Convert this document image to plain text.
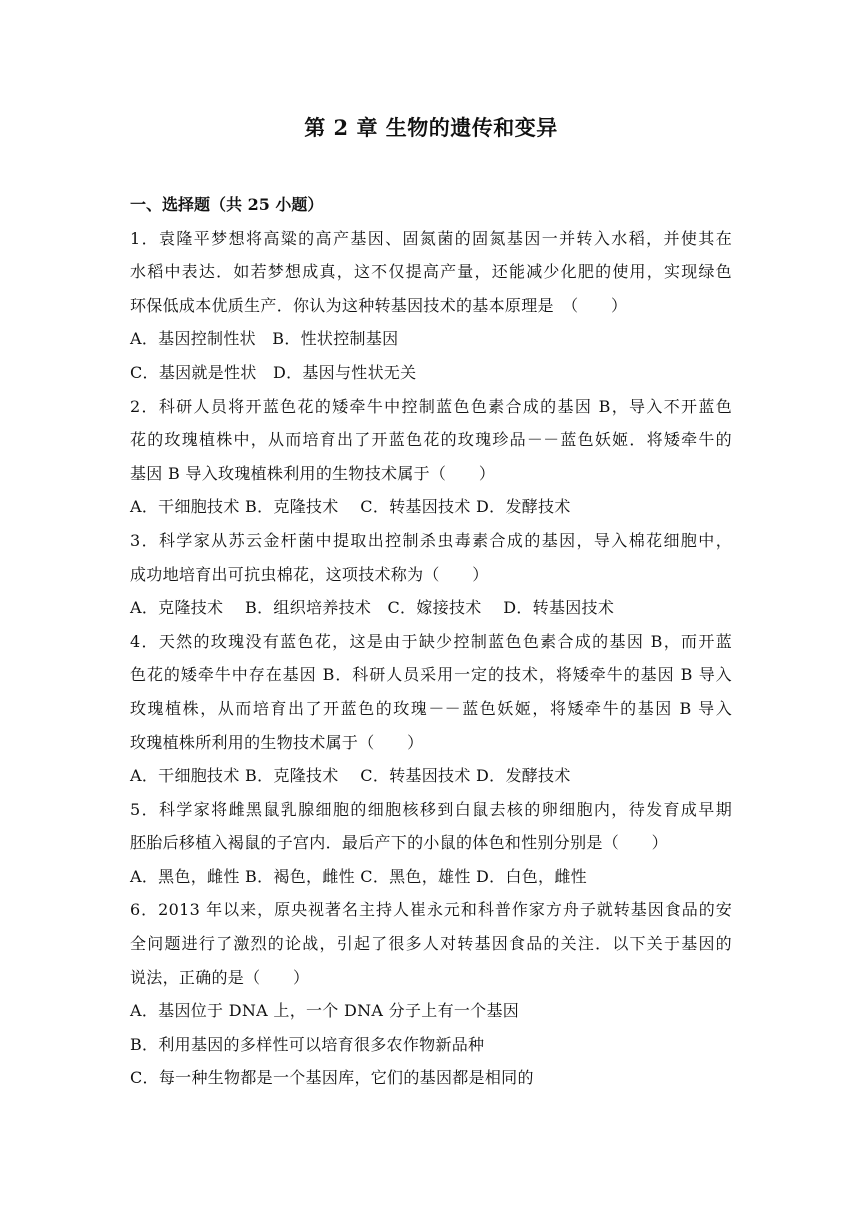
第 2 章 生物的遗传和变异
一、选择题（共 25 小题）
1．袁隆平梦想将高粱的高产基因、固氮菌的固氮基因一并转入水稻，并使其在
水稻中表达．如若梦想成真，这不仅提高产量，还能减少化肥的使用，实现绿色
环保低成本优质生产．你认为这种转基因技术的基本原理是　（　　）
A．基因控制性状　B．性状控制基因
C．基因就是性状　D．基因与性状无关
2．科研人员将开蓝色花的矮牵牛中控制蓝色色素合成的基因 B，导入不开蓝色
花的玫瑰植株中，从而培育出了开蓝色花的玫瑰珍品－－蓝色妖姬．将矮牵牛的
基因 B 导入玫瑰植株利用的生物技术属于（　　）
A．干细胞技术 B．克隆技术　 C．转基因技术 D．发酵技术
3．科学家从苏云金杆菌中提取出控制杀虫毒素合成的基因，导入棉花细胞中，
成功地培育出可抗虫棉花，这项技术称为（　　）
A．克隆技术　 B．组织培养技术　C．嫁接技术　 D．转基因技术
4．天然的玫瑰没有蓝色花，这是由于缺少控制蓝色色素合成的基因 B，而开蓝
色花的矮牵牛中存在基因 B．科研人员采用一定的技术，将矮牵牛的基因 B 导入
玫瑰植株，从而培育出了开蓝色的玫瑰－－蓝色妖姬，将矮牵牛的基因 B 导入
玫瑰植株所利用的生物技术属于（　　）
A．干细胞技术 B．克隆技术　 C．转基因技术 D．发酵技术
5．科学家将雌黑鼠乳腺细胞的细胞核移到白鼠去核的卵细胞内，待发育成早期
胚胎后移植入褐鼠的子宫内．最后产下的小鼠的体色和性别分别是（　　）
A．黑色，雌性 B．褐色，雌性 C．黑色，雄性 D．白色，雌性
6．2013 年以来，原央视著名主持人崔永元和科普作家方舟子就转基因食品的安
全问题进行了激烈的论战，引起了很多人对转基因食品的关注．以下关于基因的
说法，正确的是（　　）
A．基因位于 DNA 上，一个 DNA 分子上有一个基因
B．利用基因的多样性可以培育很多农作物新品种
C．每一种生物都是一个基因库，它们的基因都是相同的
